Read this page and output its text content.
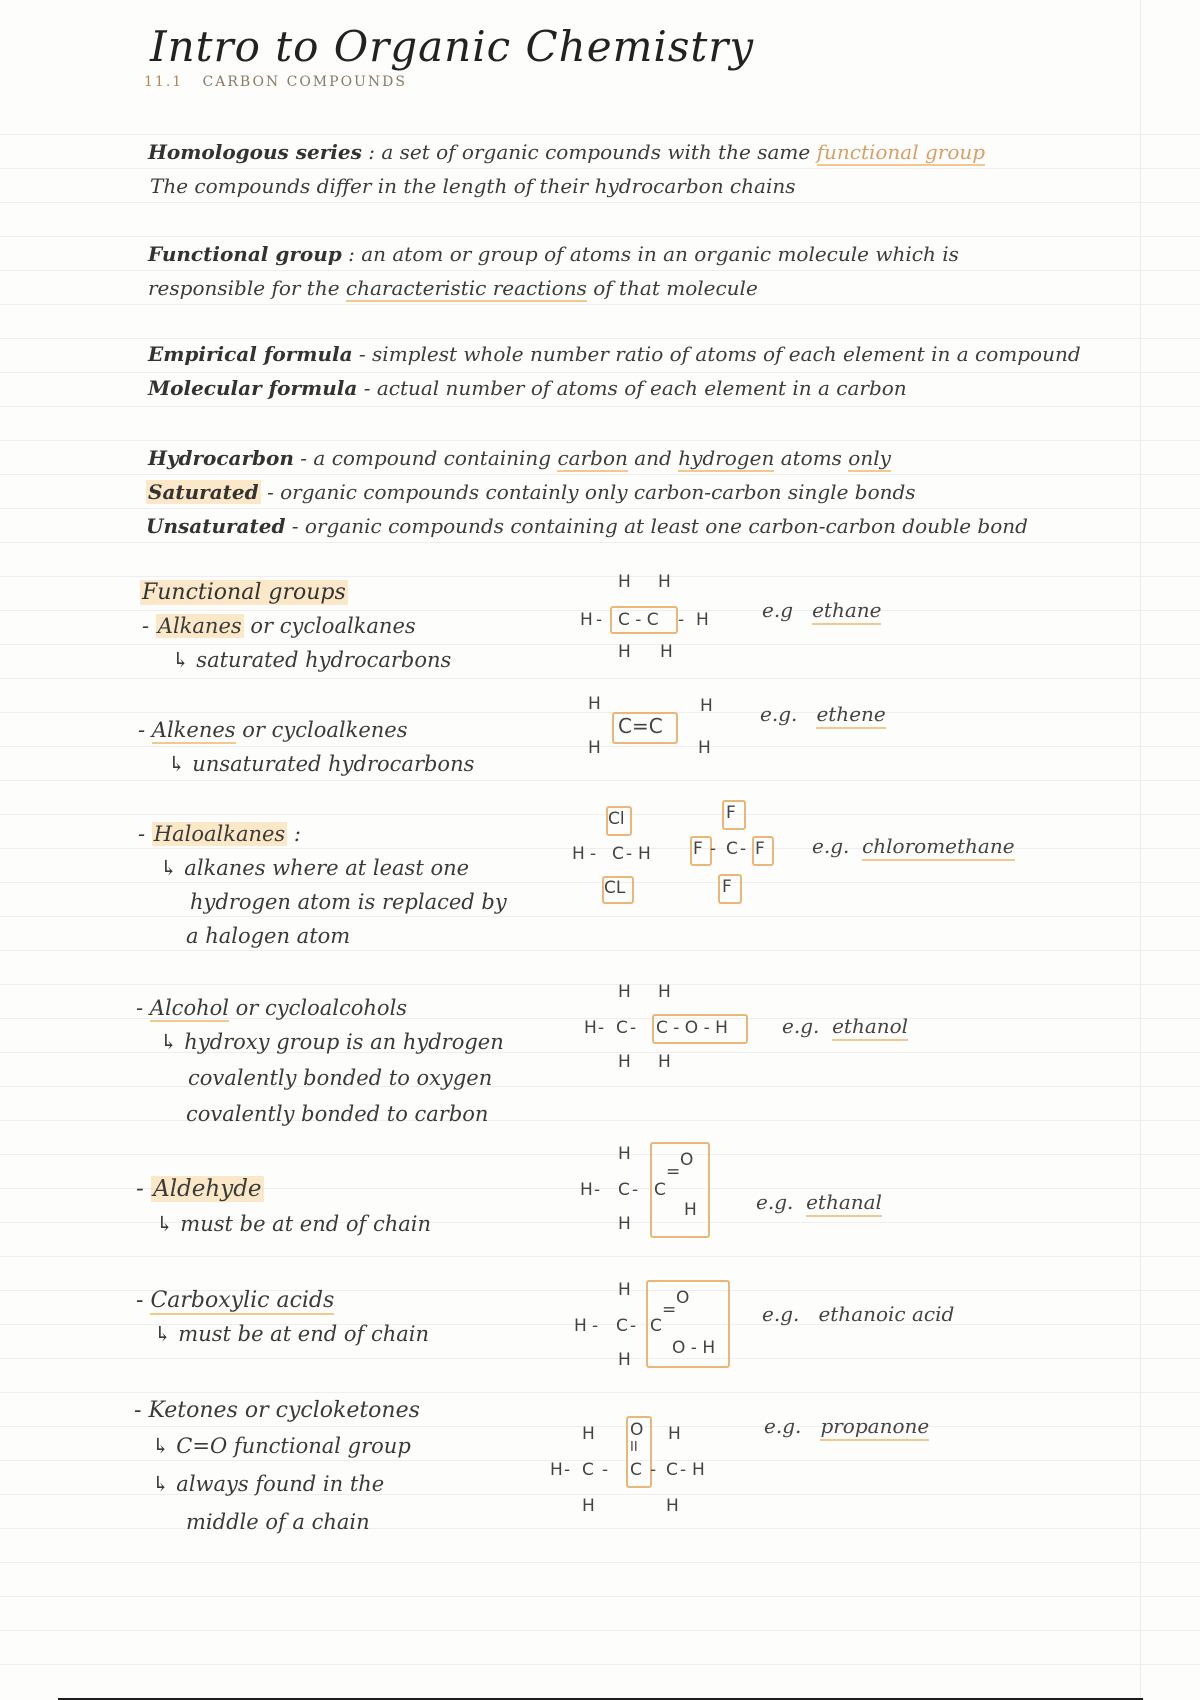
Intro to Organic Chemistry
11.1 CARBON COMPOUNDS
Homologous series : a set of organic compounds with the same functional group
The compounds differ in the length of their hydrocarbon chains
Functional group : an atom or group of atoms in an organic molecule which is
responsible for the characteristic reactions of that molecule
Empirical formula - simplest whole number ratio of atoms of each element in a compound
Molecular formula - actual number of atoms of each element in a carbon
Hydrocarbon - a compound containing carbon and hydrogen atoms only
Saturated - organic compounds containly only carbon-carbon single bonds
Unsaturated - organic compounds containing at least one carbon-carbon double bond
Functional groups
- Alkanes or cycloalkanes
↳ saturated hydrocarbons
- Alkenes or cycloalkenes
↳ unsaturated hydrocarbons
- Haloalkanes :
↳ alkanes where at least one
hydrogen atom is replaced by
a halogen atom
- Alcohol or cycloalcohols
↳ hydroxy group is an hydrogen
covalently bonded to oxygen
covalently bonded to carbon
- Aldehyde
↳ must be at end of chain
- Carboxylic acids
↳ must be at end of chain
- Ketones or cycloketones
↳ C=O functional group
↳ always found in the
middle of a chain
H H
H - C - C - H
H H
e.g ethane
H	H
C=C
H	H
e.g. ethene
Cl
H - C - H
CL
F
F - C - F
F
e.g. chloromethane
H H
H - C - C - O - H
H H
e.g. ethanol
H
H - C -
H
C
=
O
H	e.g. ethanal
H
H - C -
H
C
=
O
O - H
e.g. ethanoic acid
H
H - C -
H
O
II
C -
H
C - H
H
e.g. propanone
